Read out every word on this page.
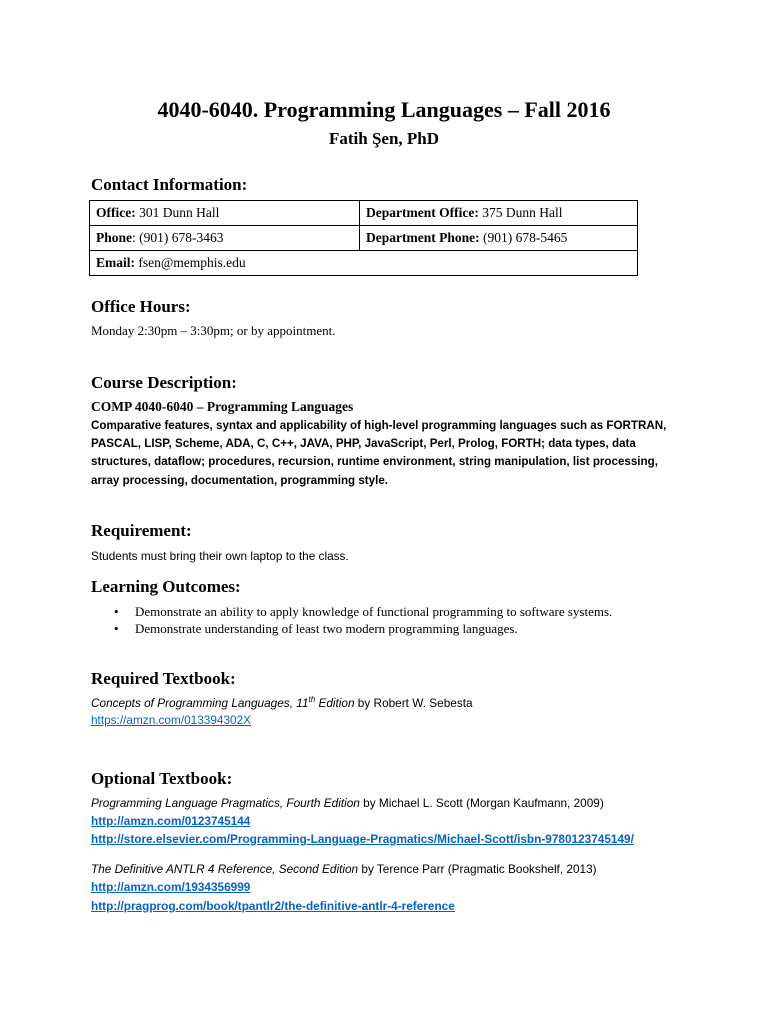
4040-6040. Programming Languages – Fall 2016
Fatih Şen, PhD
Contact Information:
Office: 301 Dunn Hall	Department Office: 375 Dunn Hall
Phone: (901) 678-3463	Department Phone: (901) 678-5465
Email: fsen@memphis.edu	
Office Hours:

Monday 2:30pm – 3:30pm; or by appointment.

Course Description:

COMP 4040-6040 – Programming Languages

Comparative features, syntax and applicability of high-level programming languages such as FORTRAN, PASCAL, LISP, Scheme, ADA, C, C++, JAVA, PHP, JavaScript, Perl, Prolog, FORTH; data types, data structures, dataflow; procedures, recursion, runtime environment, string manipulation, list processing, array processing, documentation, programming style.

Requirement:

Students must bring their own laptop to the class.

Learning Outcomes:
• Demonstrate an ability to apply knowledge of functional programming to software systems.
• Demonstrate understanding of least two modern programming languages.
Required Textbook:

Concepts of Programming Languages, 11th Edition by Robert W. Sebesta

https://amzn.com/013394302X
Optional Textbook:

Programming Language Pragmatics, Fourth Edition by Michael L. Scott (Morgan Kaufmann, 2009)

http://amzn.com/0123745144
http://store.elsevier.com/Programming-Language-Pragmatics/Michael-Scott/isbn-9780123745149/

The Definitive ANTLR 4 Reference, Second Edition by Terence Parr (Pragmatic Bookshelf, 2013)

http://amzn.com/1934356999
http://pragprog.com/book/tpantlr2/the-definitive-antlr-4-reference
